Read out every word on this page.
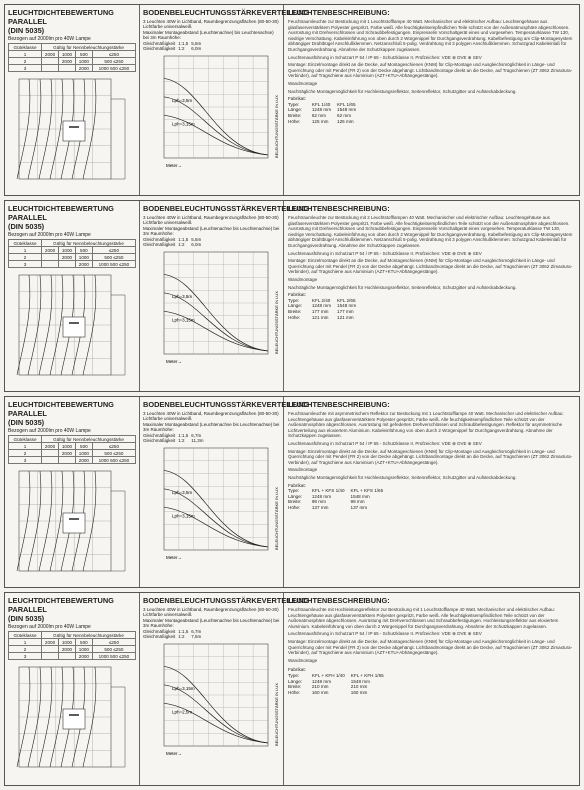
LEUCHTDICHTEBEWERTUNG PARALLEL
(DIN 5035)
Bezogen auf 2000lm pro 40W Lampe
Güteklasse	Gültig für Nennbeleuchtungsstärke			
1	2000	1000	500	≤250
2		2000	1000	500 ≤250
3			2000	1000 500 ≤250
BODENBELEUCHTUNGSSTÄRKEVERTEILUNG
3 Leuchten 40W in Lichtband, Raumbegrenzungsflächen (80-50-30)
Lichtfarbe universalweiß
Maximaler Montageabstand (Leuchtenachse) bis Leuchtenachse) bei 3m Raumhöhe:
Gleichmäßigkeit	1:1,5	5,5m
Gleichmäßigkeit	1:2	6,0m
Lph=3,5m
Lph=3,15m
Meter→
BELEUCHTUNGSSTÄRKE IN LUX
LEUCHTENBESCHREIBUNG:
Feuchtraumleuchte zur Bestückung mit 1 Leuchtstofflampe 40 Watt. Mechanischer und elektrischer Aufbau: Leuchtengehäuse aus glasfaserverstärktem Polyester gespritzt, Farbe weiß. Alle feuchtigkeitsempfindlichen Teile schützt von der Außenatmosphäre abgeschlossen. Ausrüstung mit Drehverschlüssen und Schraubbefestigungen. Einpresselin Vorschaltgerät eines und vorgesehen. Temperaturklasse TW 130, niedrige Verschattung. Kabeleinführung von oben durch 2 Würgenippel für Durchgangsverdrahtung. Kabelbefestigung am Clip-Montagesystem abhängiger Drahtbügel Anschlußklemmen. Netzanschluß 5-polig. Verdrahtung mit 3 polygen Anschlußklemmen. Schutzgrad Kabeleinlaß für Durchgangsverdrahtung. Abnahme der Schutzkappen zugelassen.
Leuchtenausführung in Schutzart P 54 / IP 65 - Schutzklasse II. Prüfzeichen: VDE ⊕ DVE ⊕ SEV
Montage: Einzelmontage direkt an die Decke, auf Montageschienen (KNM) für Clip-Montage und Ausgleichsmöglichkeit in Länge- und Querrichtung oder mit Pendel (FR 2) von der Decke abgehängt. Lichtbandmontage direkt an die Decke, auf Tragschienen (ZT 3062 Zimaxtura-Verbinder), auf Tragschiene aus Aluminium (AZT+KTU+Abhängegestänge).
Wandmontage
Nachträgliche Montagemöglichkeit für Hochleistungsreflektor, Seitenreflektor, Schutzgitter und Aufsteckabdeckung.
Fabrikat:		
Type:	KFL 1/40	KFL 1/65
Länge:	1248 mm	1548 mm
Breite:	62 mm	62 mm
Höhe:	125 mm	125 mm
LEUCHTDICHTEBEWERTUNG PARALLEL
(DIN 5035)
Bezogen auf 2000lm pro 40W Lampe
Güteklasse	Gültig für Nennbeleuchtungsstärke			
1	2000	1000	500	≤250
2		2000	1000	500 ≤250
3			2000	1000 500 ≤250
BODENBELEUCHTUNGSSTÄRKEVERTEILUNG
3 Leuchten 40W in Lichtband, Raumbegrenzungsflächen (80-50-30)
Lichtfarbe universalweiß
Maximaler Montageabstand (Leuchtenachse bis Leuchtenachse) bei 3m Raumhöhe:
Gleichmäßigkeit	1:1,5	5,5m
Gleichmäßigkeit	1:2	6,0m
Lph=3,5m
Lph=3,15m
Meter→
BELEUCHTUNGSSTÄRKE IN LUX
LEUCHTENBESCHREIBUNG:
Feuchtraumleuchte zur Bestückung mit 2 Leuchtstofflampen 40 Watt. Mechanischer und elektrischer Aufbau: Leuchtengehäuse aus glasfaserverstärktem Polyester gespritzt, Farbe weiß. Alle feuchtigkeitsempfindlichen Teile schützt von der Außenatmosphäre abgeschlossen. Ausrüstung mit Drehverschlüssen und Schraubbefestigungen. Einpresselin Vorschaltgerät eines vorgesehen. Temperaturklasse TW 130, niedrige Verschattung. Kabeleinführung von oben durch 2 Würgenippel für Durchgangsverdrahtung. Kabelbefestigung am Clip-Montagesystem abhängiger Drahtbügel Anschlußklemmen. Netzanschluß 5-polig. Verdrahtung mit 3 polygen Anschlußklemmen. Schutzgrad Kabeleinlaß für Durchgangsverdrahtung. Abnahme der Schutzkappen zugelassen.
Leuchtenausführung in Schutzart P 54 / IP 65 - Schutzklasse II. Prüfzeichen: VDE ⊕ DVE ⊕ SEV
Montage: Einzelmontage direkt an die Decke, auf Montageschienen (KNM) für Clip-Montage und Ausgleichsmöglichkeit in Länge- und Querrichtung oder mit Pendel (FR 2) von der Decke abgehängt. Lichtbandmontage direkt an die Decke, auf Tragschienen (ZT 3062 Zimaxtura-Verbinder), auf Tragschiene aus Aluminium (AZT+KTU+Abhängegestänge).
Wandmontage
Nachträgliche Montagemöglichkeit für Hochleistungsreflektor, Seitenreflektor, Schutzgitter und Aufsteckabdeckung.
Fabrikat:		
Type:	KFL 2/40	KFL 2/65
Länge:	1248 mm	1548 mm
Breite:	177 mm	177 mm
Höhe:	121 mm	121 mm
LEUCHTDICHTEBEWERTUNG PARALLEL
(DIN 5035)
Bezogen auf 2000lm pro 40W Lampe
Güteklasse	Gültig für Nennbeleuchtungsstärke			
1	2000	1000	500	≤250
2		2000	1000	500 ≤250
3			2000	1000 500 ≤250
BODENBELEUCHTUNGSSTÄRKEVERTEILUNG
3 Leuchten 40W in Lichtband, Raumbegrenzungsflächen (80-50-30)
Lichtfarbe universalweiß
Maximaler Montageabstand (Leuchtenachse bis Leuchtenachse) bei 3m Raumhöhe:
Gleichmäßigkeit	1:1,5	6,7m
Gleichmäßigkeit	1:2	11,3m
Lph=3,5m
Lph=3,15m
Meter→
BELEUCHTUNGSSTÄRKE IN LUX
LEUCHTENBESCHREIBUNG:
Feuchtraumleuchte mit asymmetrischem Reflektor zur Bestückung mit 1 Leuchtstofflampe 40 Watt. Mechanischer und elektrischer Aufbau: Leuchtengehäuse aus glasfaserverstärktem Polyester gespritzt, Farbe weiß. Alle feuchtigkeitsempfindlichen Teile schützt von der Außenatmosphäre abgeschlossen. Ausrüstung mit gefederten Drehverschlüssen und Schraubbefestigungen. Reflektor für asymmetrische Lichtverteilung aus eloxiertem Aluminium. Kabeleinführung von oben durch 2 Würgenippel für Durchgangsverdrahtung. Abnahme der Schutzkappen zugelassen.
Leuchtenausführung in Schutzart P 54 / IP 65 - Schutzklasse II. Prüfzeichen: VDE ⊕ DVE ⊕ SEV
Montage: Einzelmontage direkt an die Decke, auf Montageschienen (KNM) für Clip-Montage und Ausgleichsmöglichkeit in Länge- und Querrichtung oder mit Pendel (FR 2) von der Decke abgehängt. Lichtbandmontage direkt an die Decke, auf Tragschienen (ZT 3062 Zimaxtura-Verbinder), auf Tragschiene aus Aluminium (AZT+KTU+Abhängegestänge).
Wandmontage
Nachträgliche Montagemöglichkeit für Hochleistungsreflektor, Seitenreflektor, Schutzgitter und Aufsteckabdeckung.
Fabrikat:		
Type:	KFL + KFS 1/40	KFL + KFS 1/65
Länge:	1248 mm	1548 mm
Breite:	98 mm	98 mm
Höhe:	137 mm	137 mm
LEUCHTDICHTEBEWERTUNG PARALLEL
(DIN 5035)
Bezogen auf 2000lm pro 40W Lampe
Güteklasse	Gültig für Nennbeleuchtungsstärke			
1	2000	1000	500	≤250
2		2000	1000	500 ≤250
3			2000	1000 500 ≤250
BODENBELEUCHTUNGSSTÄRKEVERTEILUNG
3 Leuchten 40W in Lichtband, Raumbegrenzungsflächen (80-50-30)
Lichtfarbe universalweiß
Maximaler Montageabstand (Leuchtenachse bis Leuchtenachse) bei 3m Raumhöhe:
Gleichmäßigkeit	1:1,5	6,7m
Gleichmäßigkeit	1:2	7,5m
Lph=3,15m
Lph=2,5m
Meter→
BELEUCHTUNGSSTÄRKE IN LUX
LEUCHTENBESCHREIBUNG:
Feuchtraumleuchte mit Hochleistungsreflektor zur Bestückung mit 1 Leuchtstofflampe 40 Watt. Mechanischer und elektrischer Aufbau: Leuchtengehäuse aus glasfaserverstärktem Polyester gespritzt, Farbe weiß. Alle feuchtigkeitsempfindlichen Teile schützt von der Außenatmosphäre abgeschlossen. Ausrüstung mit Drehverschlüssen und Schraubbefestigungen. Hochleistungsreflektor aus eloxiertem Aluminium. Kabeleinführung von oben durch 2 Würgenippel für Durchgangsverdrahtung. Abnahme der Schutzkappen zugelassen.
Leuchtenausführung in Schutzart P 54 / IP 65 - Schutzklasse II. Prüfzeichen: VDE ⊕ DVE ⊕ SEV
Montage: Einzelmontage direkt an die Decke, auf Montageschienen (KNM) für Clip-Montage und Ausgleichsmöglichkeit in Länge- und Querrichtung oder mit Pendel (FR 2) von der Decke abgehängt. Lichtbandmontage direkt an die Decke, auf Tragschienen (ZT 3062 Zimaxtura-Verbinder), auf Tragschiene aus Aluminium (AZT+KTU+Abhängegestänge).
Wandmontage
Fabrikat:		
Type:	KFL + KFH 1/40	KFL + KFH 1/65
Länge:	1248 mm	1548 mm
Breite:	210 mm	210 mm
Höhe:	160 mm	160 mm
